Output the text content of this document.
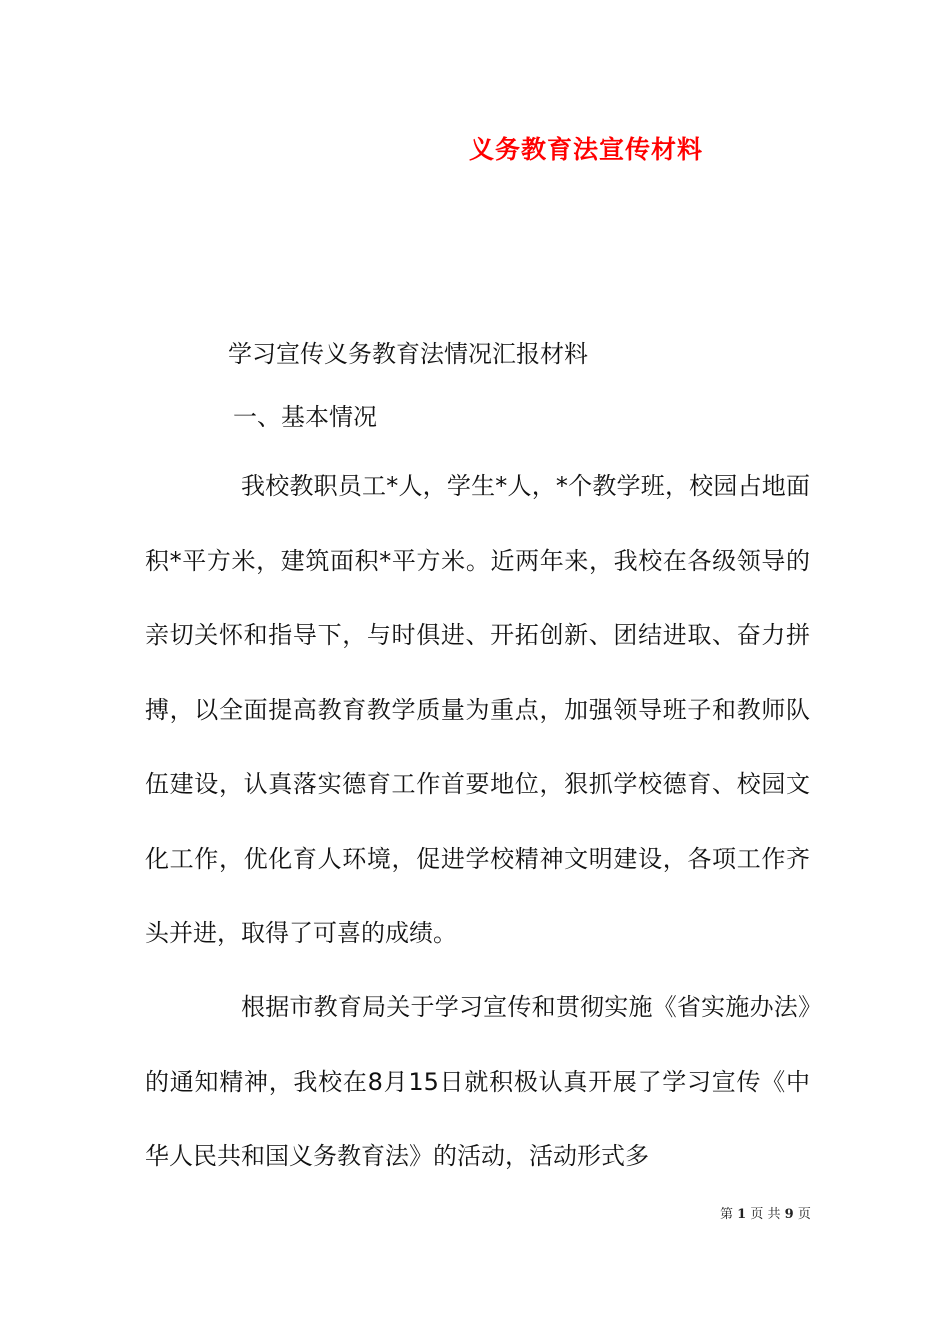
义务教育法宣传材料
学习宣传义务教育法情况汇报材料
一、基本情况
我校教职员工*人，学生*人，*个教学班，校园占地面积*平方米，建筑面积*平方米。近两年来，我校在各级领导的亲切关怀和指导下，与时俱进、开拓创新、团结进取、奋力拼搏，以全面提高教育教学质量为重点，加强领导班子和教师队伍建设，认真落实德育工作首要地位，狠抓学校德育、校园文化工作，优化育人环境，促进学校精神文明建设，各项工作齐头并进，取得了可喜的成绩。
根据市教育局关于学习宣传和贯彻实施《省实施办法》的通知精神，我校在8月15日就积极认真开展了学习宣传《中华人民共和国义务教育法》的活动，活动形式多
第 1 页 共 9 页
